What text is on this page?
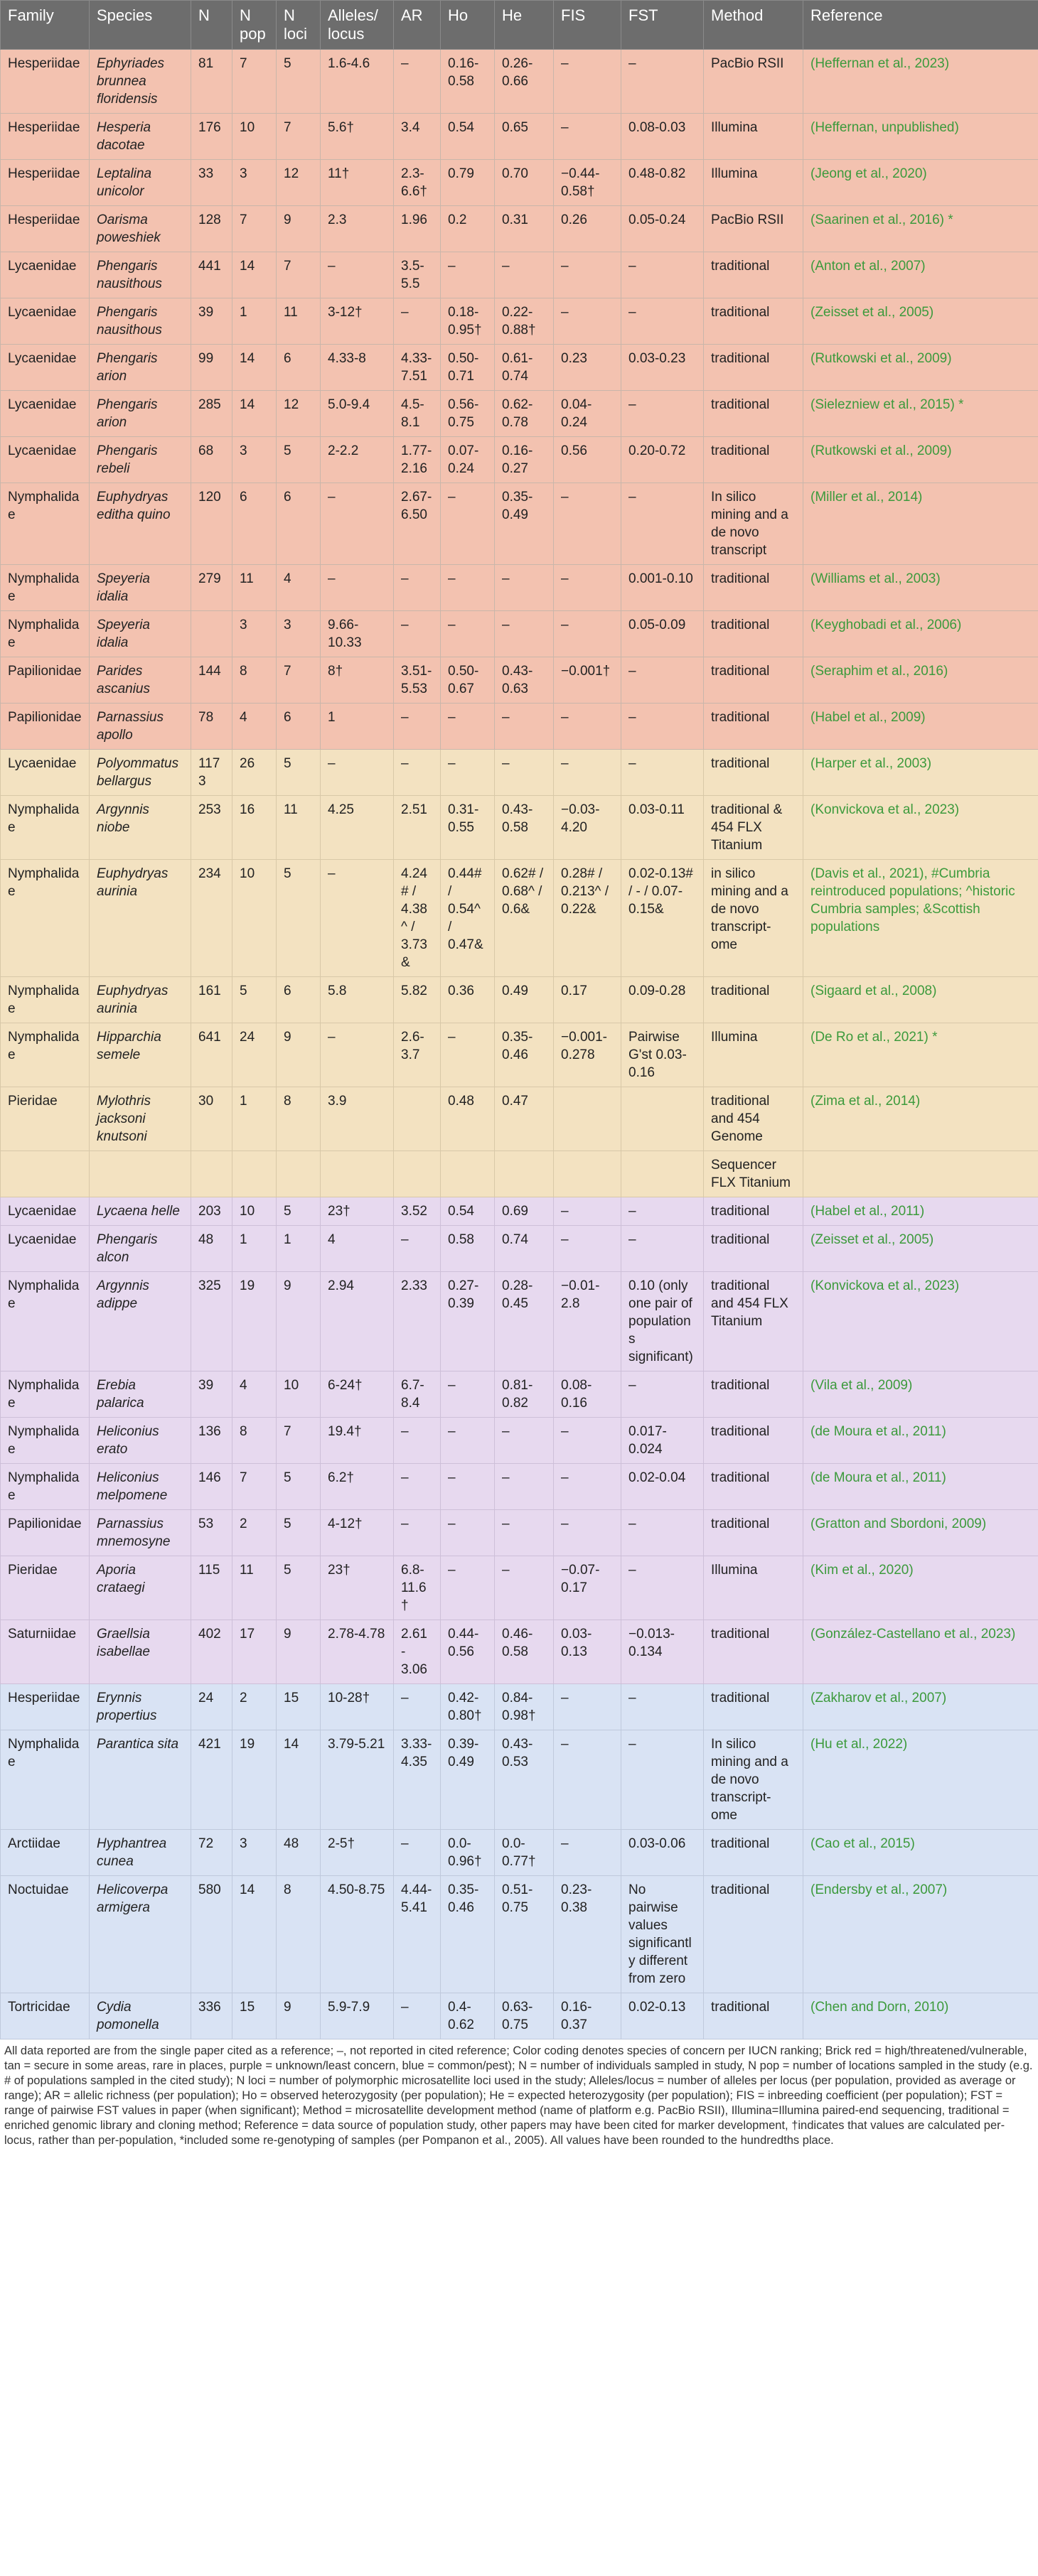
Family	Species	N	N pop	N loci	Alleles/ locus	AR	Ho	He	FIS	FST	Method	Reference
Hesperiidae	Ephyriades brunnea floridensis	81	7	5	1.6-4.6	–	0.16-0.58	0.26-0.66	–	–	PacBio RSII	(Heffernan et al., 2023)
Hesperiidae	Hesperia dacotae	176	10	7	5.6†	3.4	0.54	0.65	–	0.08-0.03	Illumina	(Heffernan, unpublished)
Hesperiidae	Leptalina unicolor	33	3	12	11†	2.3-6.6†	0.79	0.70	−0.44-0.58†	0.48-0.82	Illumina	(Jeong et al., 2020)
Hesperiidae	Oarisma poweshiek	128	7	9	2.3	1.96	0.2	0.31	0.26	0.05-0.24	PacBio RSII	(Saarinen et al., 2016) *
Lycaenidae	Phengaris nausithous	441	14	7	–	3.5-5.5	–	–	–	–	traditional	(Anton et al., 2007)
Lycaenidae	Phengaris nausithous	39	1	11	3-12†	–	0.18-0.95†	0.22-0.88†	–	–	traditional	(Zeisset et al., 2005)
Lycaenidae	Phengaris arion	99	14	6	4.33-8	4.33-7.51	0.50-0.71	0.61-0.74	0.23	0.03-0.23	traditional	(Rutkowski et al., 2009)
Lycaenidae	Phengaris arion	285	14	12	5.0-9.4	4.5-8.1	0.56-0.75	0.62-0.78	0.04-0.24	–	traditional	(Sielezniew et al., 2015) *
Lycaenidae	Phengaris rebeli	68	3	5	2-2.2	1.77-2.16	0.07-0.24	0.16-0.27	0.56	0.20-0.72	traditional	(Rutkowski et al., 2009)
Nymphalidae	Euphydryas editha quino	120	6	6	–	2.67-6.50	–	0.35-0.49	–	–	In silico mining and a de novo transcript	(Miller et al., 2014)
Nymphalidae	Speyeria idalia	279	11	4	–	–	–	–	–	0.001-0.10	traditional	(Williams et al., 2003)
Nymphalidae	Speyeria idalia		3	3	9.66-10.33	–	–	–	–	0.05-0.09	traditional	(Keyghobadi et al., 2006)
Papilionidae	Parides ascanius	144	8	7	8†	3.51-5.53	0.50-0.67	0.43-0.63	−0.001†	–	traditional	(Seraphim et al., 2016)
Papilionidae	Parnassius apollo	78	4	6	1	–	–	–	–	–	traditional	(Habel et al., 2009)
Lycaenidae	Polyommatus bellargus	1173	26	5	–	–	–	–	–	–	traditional	(Harper et al., 2003)
Nymphalidae	Argynnis niobe	253	16	11	4.25	2.51	0.31-0.55	0.43-0.58	−0.03-4.20	0.03-0.11	traditional & 454 FLX Titanium	(Konvickova et al., 2023)
Nymphalidae	Euphydryas aurinia	234	10	5	–	4.24# / 4.38^ / 3.73&	0.44# / 0.54^ / 0.47&	0.62# / 0.68^ / 0.6&	0.28# / 0.213^ / 0.22&	0.02-0.13# / - / 0.07-0.15&	in silico mining and a de novo transcript-ome	(Davis et al., 2021), #Cumbria reintroduced populations; ^historic Cumbria samples; &Scottish populations
Nymphalidae	Euphydryas aurinia	161	5	6	5.8	5.82	0.36	0.49	0.17	0.09-0.28	traditional	(Sigaard et al., 2008)
Nymphalidae	Hipparchia semele	641	24	9	–	2.6-3.7	–	0.35-0.46	−0.001-0.278	Pairwise G'st 0.03-0.16	Illumina	(De Ro et al., 2021) *
Pieridae	Mylothris jacksoni knutsoni	30	1	8	3.9		0.48	0.47			traditional and 454 Genome	(Zima et al., 2014)
											Sequencer FLX Titanium	
Lycaenidae	Lycaena helle	203	10	5	23†	3.52	0.54	0.69	–	–	traditional	(Habel et al., 2011)
Lycaenidae	Phengaris alcon	48	1	1	4	–	0.58	0.74	–	–	traditional	(Zeisset et al., 2005)
Nymphalidae	Argynnis adippe	325	19	9	2.94	2.33	0.27-0.39	0.28-0.45	−0.01-2.8	0.10 (only one pair of populations significant)	traditional and 454 FLX Titanium	(Konvickova et al., 2023)
Nymphalidae	Erebia palarica	39	4	10	6-24†	6.7-8.4	–	0.81-0.82	0.08-0.16	–	traditional	(Vila et al., 2009)
Nymphalidae	Heliconius erato	136	8	7	19.4†	–	–	–	–	0.017-0.024	traditional	(de Moura et al., 2011)
Nymphalidae	Heliconius melpomene	146	7	5	6.2†	–	–	–	–	0.02-0.04	traditional	(de Moura et al., 2011)
Papilionidae	Parnassius mnemosyne	53	2	5	4-12†	–	–	–	–	–	traditional	(Gratton and Sbordoni, 2009)
Pieridae	Aporia crataegi	115	11	5	23†	6.8-11.6 †	–	–	−0.07-0.17	–	Illumina	(Kim et al., 2020)
Saturniidae	Graellsia isabellae	402	17	9	2.78-4.78	2.61 - 3.06	0.44-0.56	0.46-0.58	0.03-0.13	−0.013-0.134	traditional	(González-Castellano et al., 2023)
Hesperiidae	Erynnis propertius	24	2	15	10-28†	–	0.42-0.80†	0.84-0.98†	–	–	traditional	(Zakharov et al., 2007)
Nymphalidae	Parantica sita	421	19	14	3.79-5.21	3.33-4.35	0.39-0.49	0.43-0.53	–	–	In silico mining and a de novo transcript-ome	(Hu et al., 2022)
Arctiidae	Hyphantrea cunea	72	3	48	2-5†	–	0.0-0.96†	0.0-0.77†	–	0.03-0.06	traditional	(Cao et al., 2015)
Noctuidae	Helicoverpa armigera	580	14	8	4.50-8.75	4.44-5.41	0.35-0.46	0.51-0.75	0.23-0.38	No pairwise values significantly different from zero	traditional	(Endersby et al., 2007)
Tortricidae	Cydia pomonella	336	15	9	5.9-7.9	–	0.4-0.62	0.63-0.75	0.16-0.37	0.02-0.13	traditional	(Chen and Dorn, 2010)
All data reported are from the single paper cited as a reference; –, not reported in cited reference; Color coding denotes species of concern per IUCN ranking; Brick red = high/threatened/vulnerable, tan = secure in some areas, rare in places, purple = unknown/least concern, blue = common/pest); N = number of individuals sampled in study, N pop = number of locations sampled in the study (e.g. # of populations sampled in the cited study); N loci = number of polymorphic microsatellite loci used in the study; Alleles/locus = number of alleles per locus (per population, provided as average or range); AR = allelic richness (per population); Ho = observed heterozygosity (per population); He = expected heterozygosity (per population); FIS = inbreeding coefficient (per population); FST = range of pairwise FST values in paper (when significant); Method = microsatellite development method (name of platform e.g. PacBio RSII), Illumina=Illumina paired-end sequencing, traditional = enriched genomic library and cloning method; Reference = data source of population study, other papers may have been cited for marker development, †indicates that values are calculated per-locus, rather than per-population, *included some re-genotyping of samples (per Pompanon et al., 2005). All values have been rounded to the hundredths place.
